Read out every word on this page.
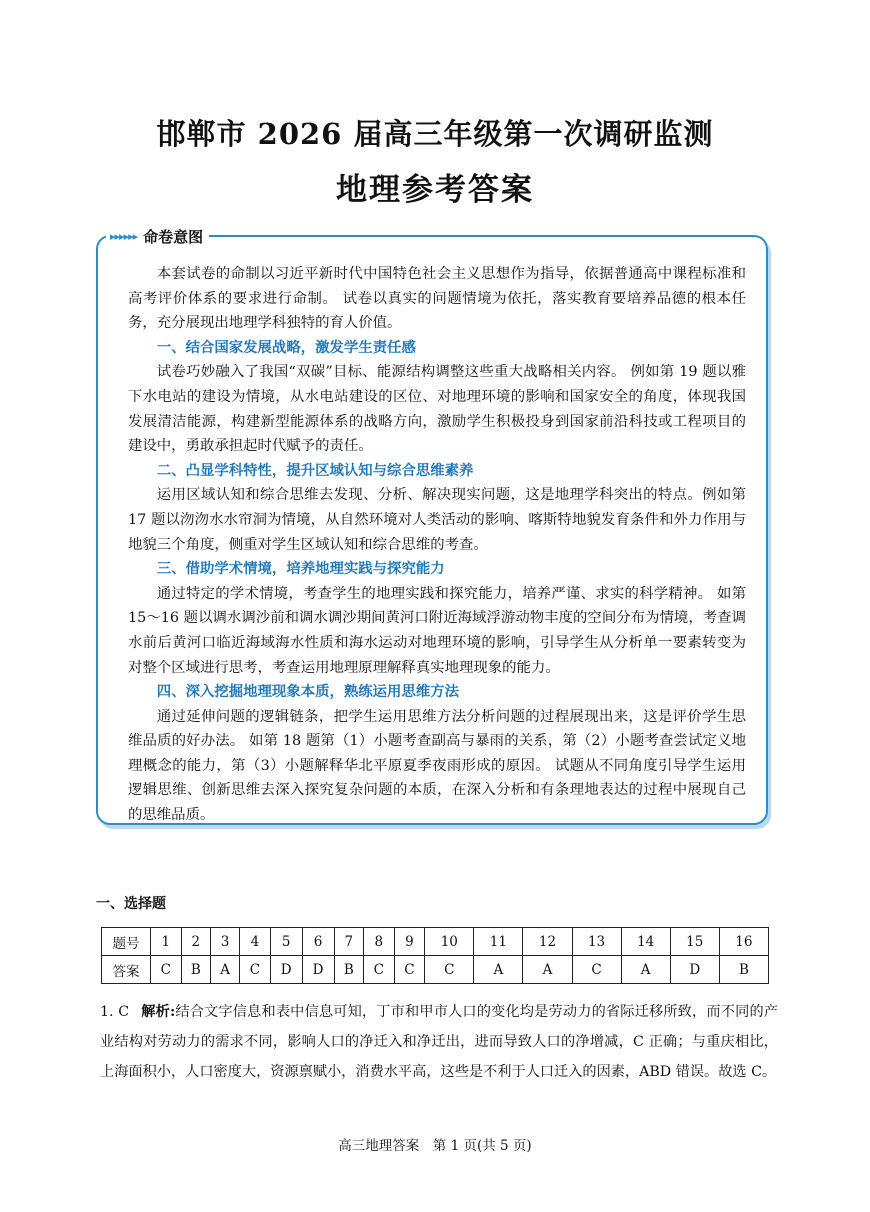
邯郸市 2026 届高三年级第一次调研监测
地理参考答案
▸▸▸▸▸▸ 命卷意图

本套试卷的命制以习近平新时代中国特色社会主义思想作为指导，依据普通高中课程标准和高考评价体系的要求进行命制。 试卷以真实的问题情境为依托，落实教育要培养品德的根本任务，充分展现出地理学科独特的育人价值。

一、结合国家发展战略，激发学生责任感

试卷巧妙融入了我国“双碳”目标、能源结构调整这些重大战略相关内容。 例如第 19 题以雅下水电站的建设为情境，从水电站建设的区位、对地理环境的影响和国家安全的角度，体现我国发展清洁能源，构建新型能源体系的战略方向，激励学生积极投身到国家前沿科技或工程项目的建设中，勇敢承担起时代赋予的责任。

二、凸显学科特性，提升区域认知与综合思维素养

运用区域认知和综合思维去发现、分析、解决现实问题，这是地理学科突出的特点。例如第 17 题以沕沕水水帘洞为情境，从自然环境对人类活动的影响、喀斯特地貌发育条件和外力作用与地貌三个角度，侧重对学生区域认知和综合思维的考查。

三、借助学术情境，培养地理实践与探究能力

通过特定的学术情境，考查学生的地理实践和探究能力，培养严谨、求实的科学精神。 如第 15～16 题以调水调沙前和调水调沙期间黄河口附近海域浮游动物丰度的空间分布为情境，考查调水前后黄河口临近海域海水性质和海水运动对地理环境的影响，引导学生从分析单一要素转变为对整个区域进行思考，考查运用地理原理解释真实地理现象的能力。

四、深入挖掘地理现象本质，熟练运用思维方法

通过延伸问题的逻辑链条，把学生运用思维方法分析问题的过程展现出来，这是评价学生思维品质的好办法。 如第 18 题第（1）小题考查副高与暴雨的关系，第（2）小题考查尝试定义地理概念的能力，第（3）小题解释华北平原夏季夜雨形成的原因。 试题从不同角度引导学生运用逻辑思维、创新思维去深入探究复杂问题的本质，在深入分析和有条理地表达的过程中展现自己的思维品质。

一、选择题
题号	1	2	3	4	5	6	7	8	9	10	11	12	13	14	15	16
答案	C	B	A	C	D	D	B	C	C	C	A	A	C	A	D	B
1. C 解析:结合文字信息和表中信息可知，丁市和甲市人口的变化均是劳动力的省际迁移所致，而不同的产业结构对劳动力的需求不同，影响人口的净迁入和净迁出，进而导致人口的净增减，C 正确；与重庆相比，上海面积小，人口密度大，资源禀赋小，消费水平高，这些是不利于人口迁入的因素，ABD 错误。故选 C。
高三地理答案　第 1 页(共 5 页)
